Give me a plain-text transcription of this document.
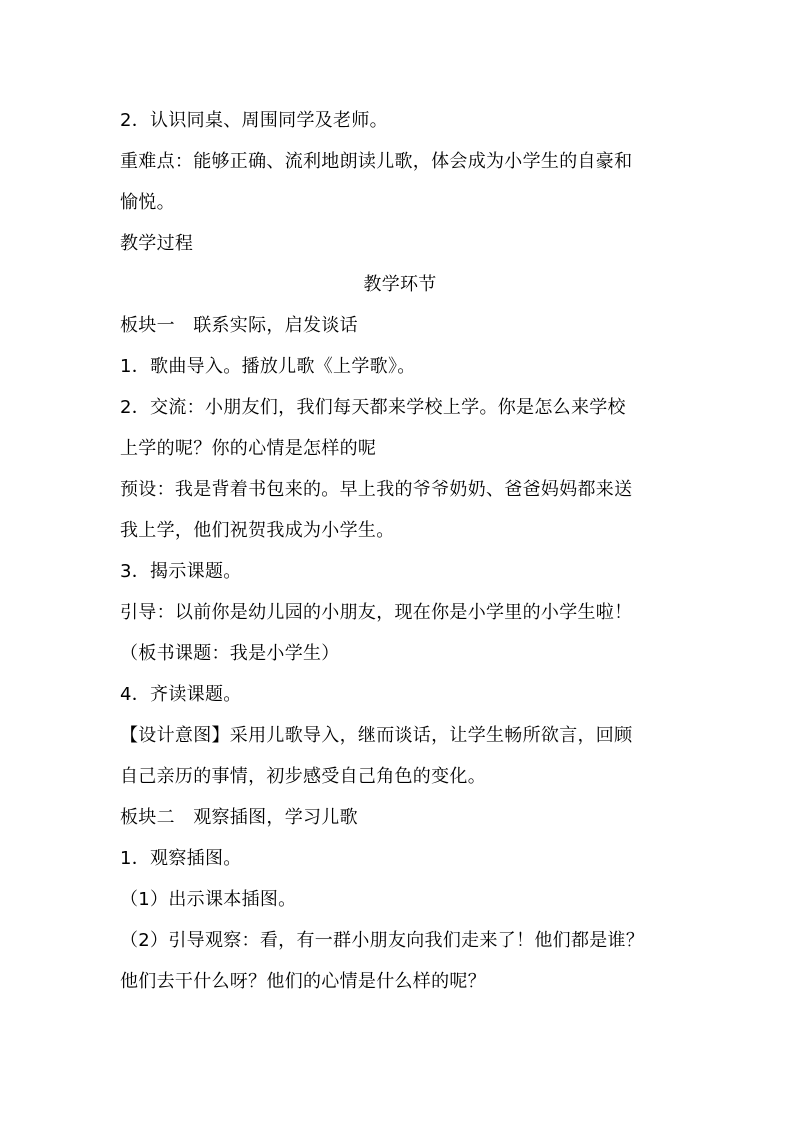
2．认识同桌、周围同学及老师。
重难点：能够正确、流利地朗读儿歌，体会成为小学生的自豪和
愉悦。
教学过程
教学环节
板块一　联系实际，启发谈话
1．歌曲导入。播放儿歌《上学歌》。
2．交流：小朋友们，我们每天都来学校上学。你是怎么来学校
上学的呢？你的心情是怎样的呢
预设：我是背着书包来的。早上我的爷爷奶奶、爸爸妈妈都来送
我上学，他们祝贺我成为小学生。
3．揭示课题。
引导：以前你是幼儿园的小朋友，现在你是小学里的小学生啦！
（板书课题：我是小学生）
4．齐读课题。
【设计意图】采用儿歌导入，继而谈话，让学生畅所欲言，回顾
自己亲历的事情，初步感受自己角色的变化。
板块二　观察插图，学习儿歌
1．观察插图。
（1）出示课本插图。
（2）引导观察：看，有一群小朋友向我们走来了！他们都是谁？
他们去干什么呀？他们的心情是什么样的呢？
